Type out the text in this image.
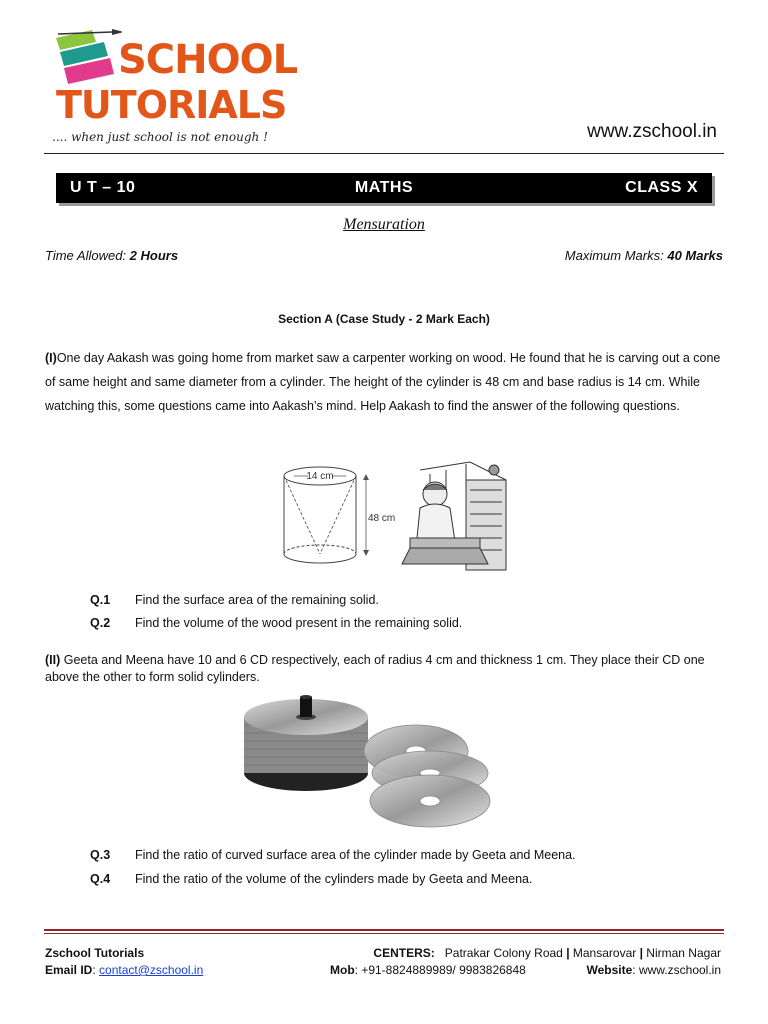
SCHOOL
TUTORIALS
.... when just school is not enough !	www.zschool.in
U T – 10	MATHS	CLASS X
Mensuration
Time Allowed: 2 Hours	Maximum Marks: 40 Marks
Section A (Case Study - 2 Mark Each)
(I)One day Aakash was going home from market saw a carpenter working on wood. He found that he is carving out a cone of same height and same diameter from a cylinder. The height of the cylinder is 48 cm and base radius is 14 cm. While watching this, some questions came into Aakash’s mind. Help Aakash to find the answer of the following questions.
14 cm
48 cm
Q.1 Find the surface area of the remaining solid.
Q.2 Find the volume of the wood present in the remaining solid.
(II) Geeta and Meena have 10 and 6 CD respectively, each of radius 4 cm and thickness 1 cm. They place their CD one above the other to form solid cylinders.
Q.3 Find the ratio of curved surface area of the cylinder made by Geeta and Meena.
Q.4 Find the ratio of the volume of the cylinders made by Geeta and Meena.
Zschool Tutorials	CENTERS: Patrakar Colony Road | Mansarovar | Nirman Nagar
Email ID: contact@zschool.in	Mob: +91-8824889989/ 9983826848	Website: www.zschool.in
